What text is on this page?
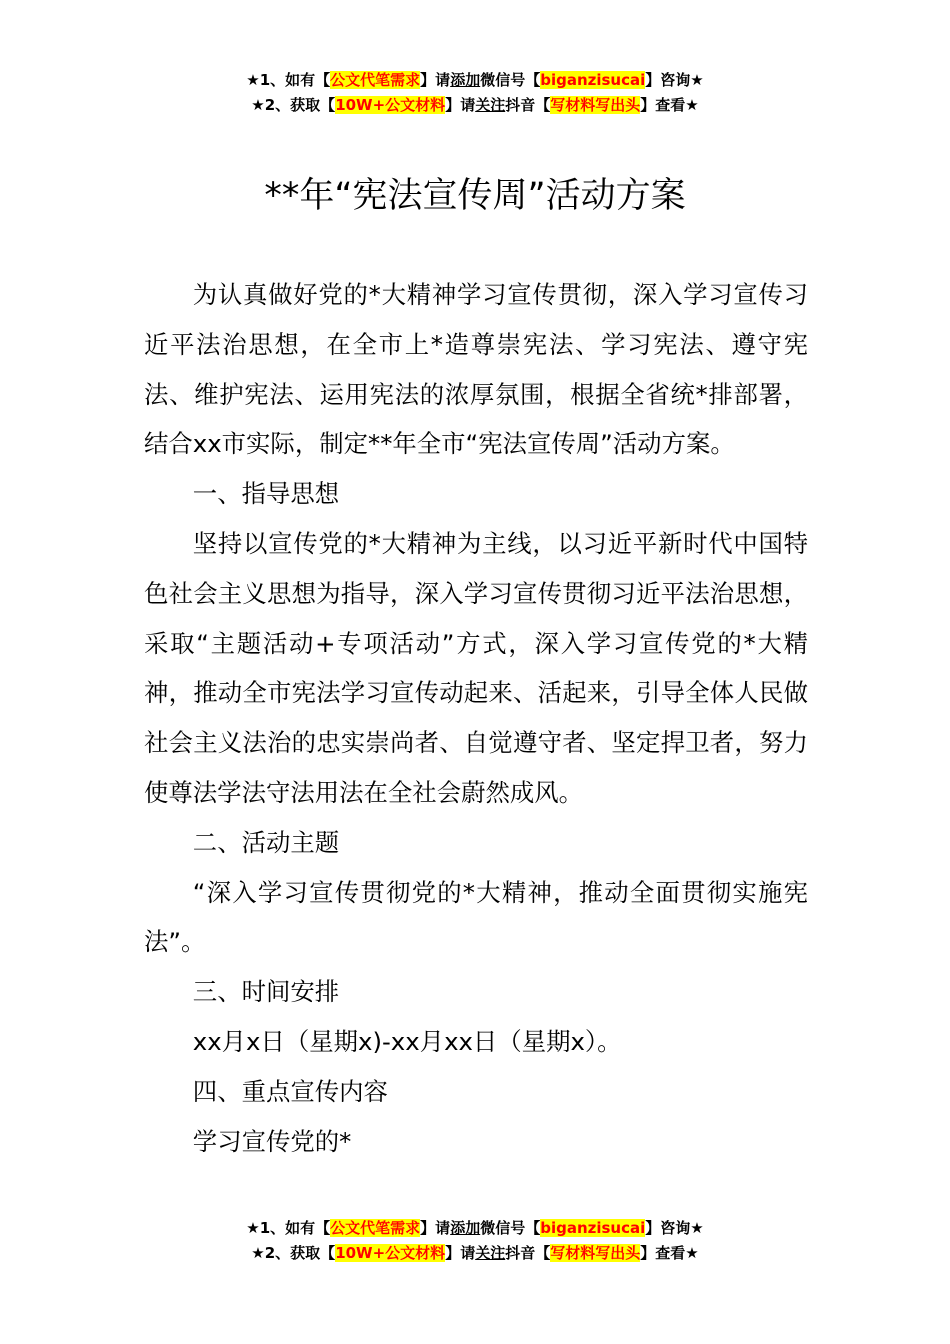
★1、如有【公文代笔需求】请添加微信号【biganzisucai】咨询★
★2、获取【10W+公文材料】请关注抖音【写材料写出头】查看★
**年“宪法宣传周”活动方案

为认真做好党的*大精神学习宣传贯彻，深入学习宣传习近平法治思想，在全市上*造尊崇宪法、学习宪法、遵守宪法、维护宪法、运用宪法的浓厚氛围，根据全省统*排部署，结合xx市实际，制定**年全市“宪法宣传周”活动方案。

一、指导思想

坚持以宣传党的*大精神为主线，以习近平新时代中国特色社会主义思想为指导，深入学习宣传贯彻习近平法治思想，采取“主题活动+专项活动”方式，深入学习宣传党的*大精神，推动全市宪法学习宣传动起来、活起来，引导全体人民做社会主义法治的忠实崇尚者、自觉遵守者、坚定捍卫者，努力使尊法学法守法用法在全社会蔚然成风。

二、活动主题

“深入学习宣传贯彻党的*大精神，推动全面贯彻实施宪法”。

三、时间安排

xx月x日（星期x)-xx月xx日（星期x）。

四、重点宣传内容

学习宣传党的*

★1、如有【公文代笔需求】请添加微信号【biganzisucai】咨询★
★2、获取【10W+公文材料】请关注抖音【写材料写出头】查看★
